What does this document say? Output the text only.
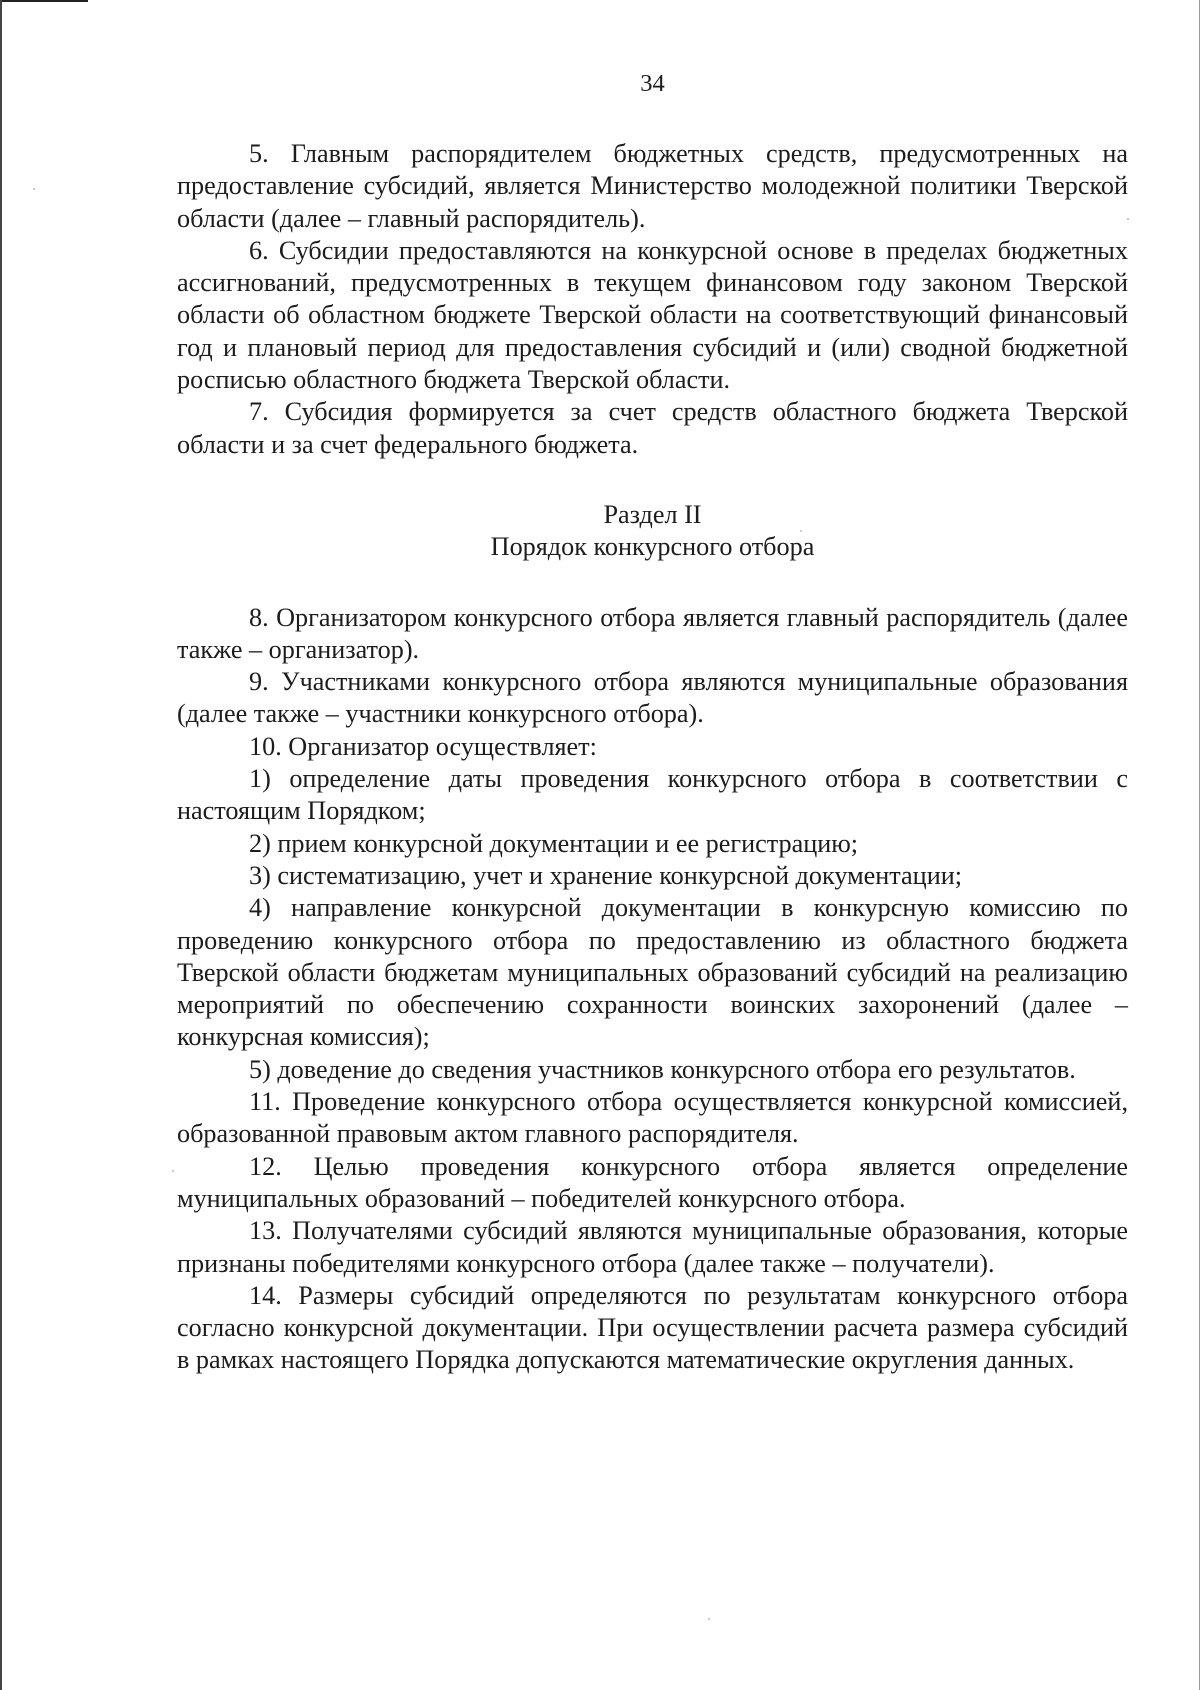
34

5. Главным распорядителем бюджетных средств, предусмотренных на предоставление субсидий, является Министерство молодежной политики Тверской области (далее – главный распорядитель).

6. Субсидии предоставляются на конкурсной основе в пределах бюджетных ассигнований, предусмотренных в текущем финансовом году законом Тверской области об областном бюджете Тверской области на соответствующий финансовый год и плановый период для предоставления субсидий и (или) сводной бюджетной росписью областного бюджета Тверской области.

7. Субсидия формируется за счет средств областного бюджета Тверской области и за счет федерального бюджета.

Раздел II
Порядок конкурсного отбора

8. Организатором конкурсного отбора является главный распорядитель (далее также – организатор).

9. Участниками конкурсного отбора являются муниципальные образования (далее также – участники конкурсного отбора).

10. Организатор осуществляет:

1) определение даты проведения конкурсного отбора в соответствии с настоящим Порядком;

2) прием конкурсной документации и ее регистрацию;

3) систематизацию, учет и хранение конкурсной документации;

4) направление конкурсной документации в конкурсную комиссию по проведению конкурсного отбора по предоставлению из областного бюджета Тверской области бюджетам муниципальных образований субсидий на реализацию мероприятий по обеспечению сохранности воинских захоронений (далее – конкурсная комиссия);

5) доведение до сведения участников конкурсного отбора его результатов.

11. Проведение конкурсного отбора осуществляется конкурсной комиссией, образованной правовым актом главного распорядителя.

12. Целью проведения конкурсного отбора является определение муниципальных образований – победителей конкурсного отбора.

13. Получателями субсидий являются муниципальные образования, которые признаны победителями конкурсного отбора (далее также – получатели).

14. Размеры субсидий определяются по результатам конкурсного отбора согласно конкурсной документации. При осуществлении расчета размера субсидий в рамках настоящего Порядка допускаются математические округления данных.
